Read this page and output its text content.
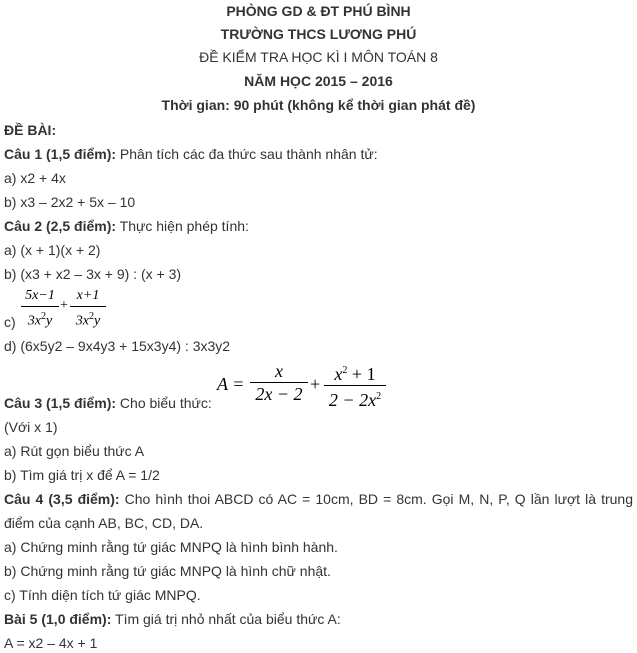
PHÒNG GD & ĐT PHÚ BÌNH
TRƯỜNG THCS LƯƠNG PHÚ
ĐỀ KIỂM TRA HỌC KÌ I MÔN TOÁN 8
NĂM HỌC 2015 – 2016
Thời gian: 90 phút (không kể thời gian phát đề)
ĐỀ BÀI:
Câu 1 (1,5 điểm): Phân tích các đa thức sau thành nhân tử:
a) x2 + 4x
b) x3 – 2x2 + 5x – 10
Câu 2 (2,5 điểm): Thực hiện phép tính:
a) (x + 1)(x + 2)
b) (x3 + x2 – 3x + 9) : (x + 3)
c)
5x−1
$3x^2y$
+
x+1
$3x^2y$
d) (6x5y2 – 9x4y3 + 15x3y4) : 3x3y2
A =
x
$2x - 2 + x^2 + 1$
$2 - 2x^2$
Câu 3 (1,5 điểm): Cho biểu thức:
(Với x 1)
a) Rút gọn biểu thức A
b) Tìm giá trị x để A = 1/2
Câu 4 (3,5 điểm): Cho hình thoi ABCD có AC = 10cm, BD = 8cm. Gọi M, N, P, Q lần lượt là trung
điểm của cạnh AB, BC, CD, DA.
a) Chứng minh rằng tứ giác MNPQ là hình bình hành.
b) Chứng minh rằng tứ giác MNPQ là hình chữ nhật.
c) Tính diện tích tứ giác MNPQ.
Bài 5 (1,0 điểm): Tìm giá trị nhỏ nhất của biểu thức A:
A = x2 – 4x + 1
